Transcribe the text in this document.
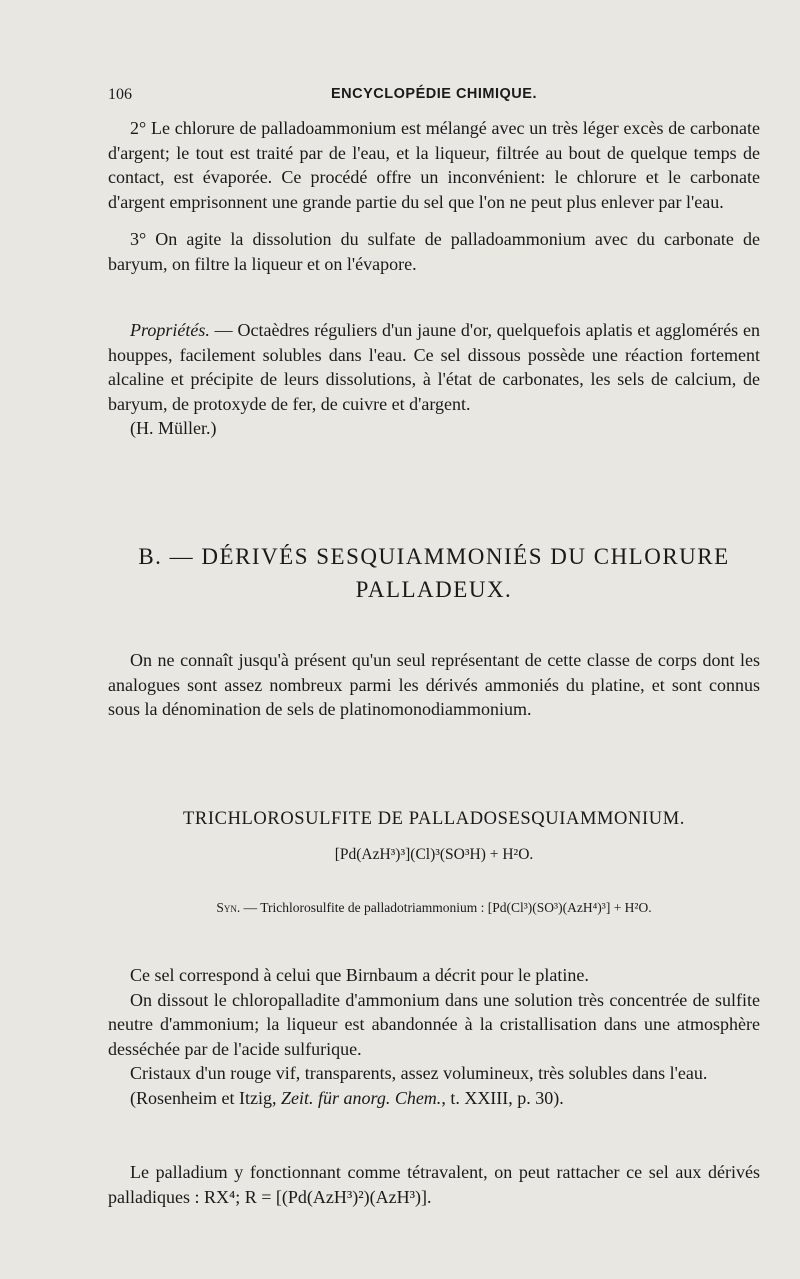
106	ENCYCLOPÉDIE CHIMIQUE.

2° Le chlorure de palladoammonium est mélangé avec un très léger excès de carbonate d'argent; le tout est traité par de l'eau, et la liqueur, filtrée au bout de quelque temps de contact, est évaporée. Ce procédé offre un inconvénient: le chlorure et le carbonate d'argent emprisonnent une grande partie du sel que l'on ne peut plus enlever par l'eau.

3° On agite la dissolution du sulfate de palladoammonium avec du carbonate de baryum, on filtre la liqueur et on l'évapore.

Propriétés. — Octaèdres réguliers d'un jaune d'or, quelquefois aplatis et agglomérés en houppes, facilement solubles dans l'eau. Ce sel dissous possède une réaction fortement alcaline et précipite de leurs dissolutions, à l'état de carbonates, les sels de calcium, de baryum, de protoxyde de fer, de cuivre et d'argent.

(H. Müller.)

B. — DÉRIVÉS SESQUIAMMONIÉS DU CHLORURE
PALLADEUX.

On ne connaît jusqu'à présent qu'un seul représentant de cette classe de corps dont les analogues sont assez nombreux parmi les dérivés ammoniés du platine, et sont connus sous la dénomination de sels de platinomonodiammonium.

TRICHLOROSULFITE DE PALLADOSESQUIAMMONIUM.
[Pd(AzH³)³](Cl)³(SO³H) + H²O.
Syn. — Trichlorosulfite de palladotriammonium : [Pd(Cl³)(SO³)(AzH⁴)³] + H²O.

Ce sel correspond à celui que Birnbaum a décrit pour le platine.

On dissout le chloropalladite d'ammonium dans une solution très concentrée de sulfite neutre d'ammonium; la liqueur est abandonnée à la cristallisation dans une atmosphère desséchée par de l'acide sulfurique.

Cristaux d'un rouge vif, transparents, assez volumineux, très solubles dans l'eau.

(Rosenheim et Itzig, Zeit. für anorg. Chem., t. XXIII, p. 30).

Le palladium y fonctionnant comme tétravalent, on peut rattacher ce sel aux dérivés palladiques : RX⁴; R = [(Pd(AzH³)²)(AzH³)].
